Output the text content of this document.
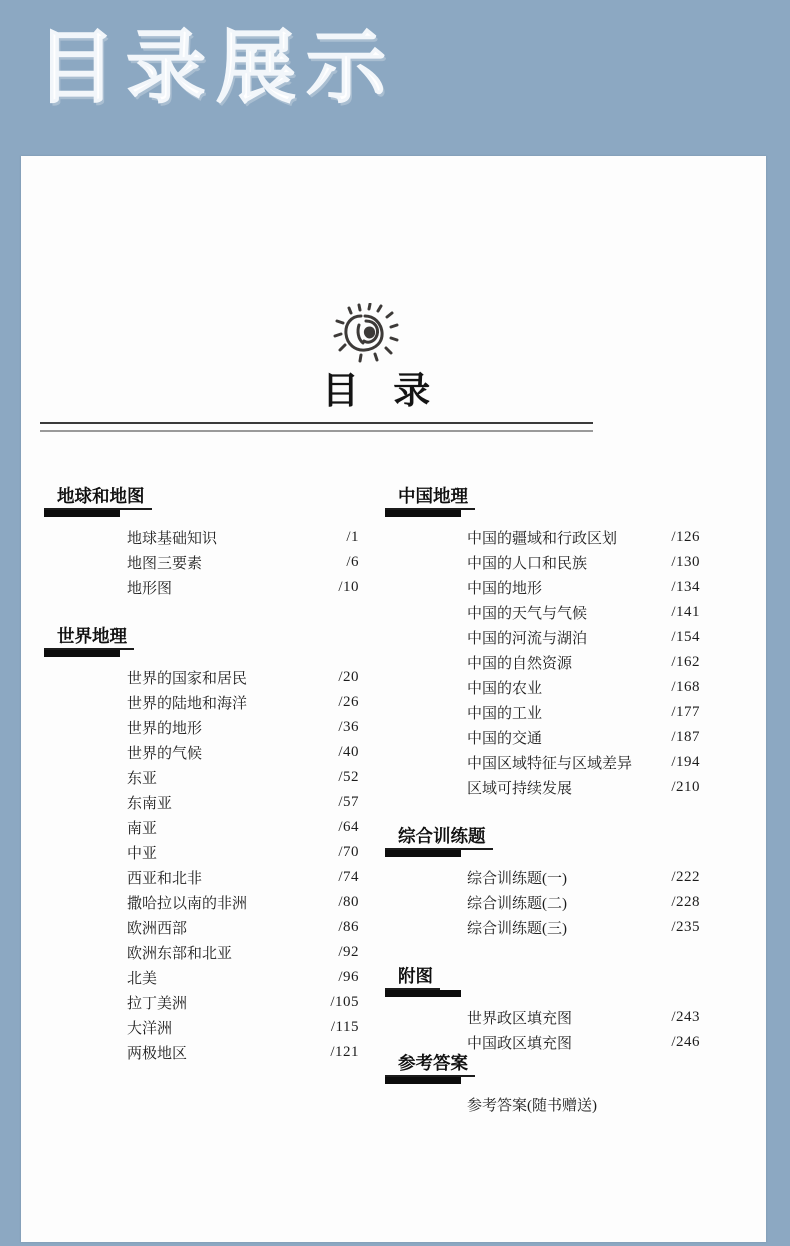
目录展示
目 录
地球和地图
地球基础知识	/1
地图三要素	/6
地形图	/10
世界地理
世界的国家和居民	/20
世界的陆地和海洋	/26
世界的地形	/36
世界的气候	/40
东亚	/52
东南亚	/57
南亚	/64
中亚	/70
西亚和北非	/74
撒哈拉以南的非洲	/80
欧洲西部	/86
欧洲东部和北亚	/92
北美	/96
拉丁美洲	/105
大洋洲	/115
两极地区	/121
中国地理
中国的疆域和行政区划	/126
中国的人口和民族	/130
中国的地形	/134
中国的天气与气候	/141
中国的河流与湖泊	/154
中国的自然资源	/162
中国的农业	/168
中国的工业	/177
中国的交通	/187
中国区域特征与区域差异	/194
区域可持续发展	/210
综合训练题
综合训练题(一)	/222
综合训练题(二)	/228
综合训练题(三)	/235
附图
世界政区填充图	/243
中国政区填充图	/246
参考答案
参考答案(随书赠送)
